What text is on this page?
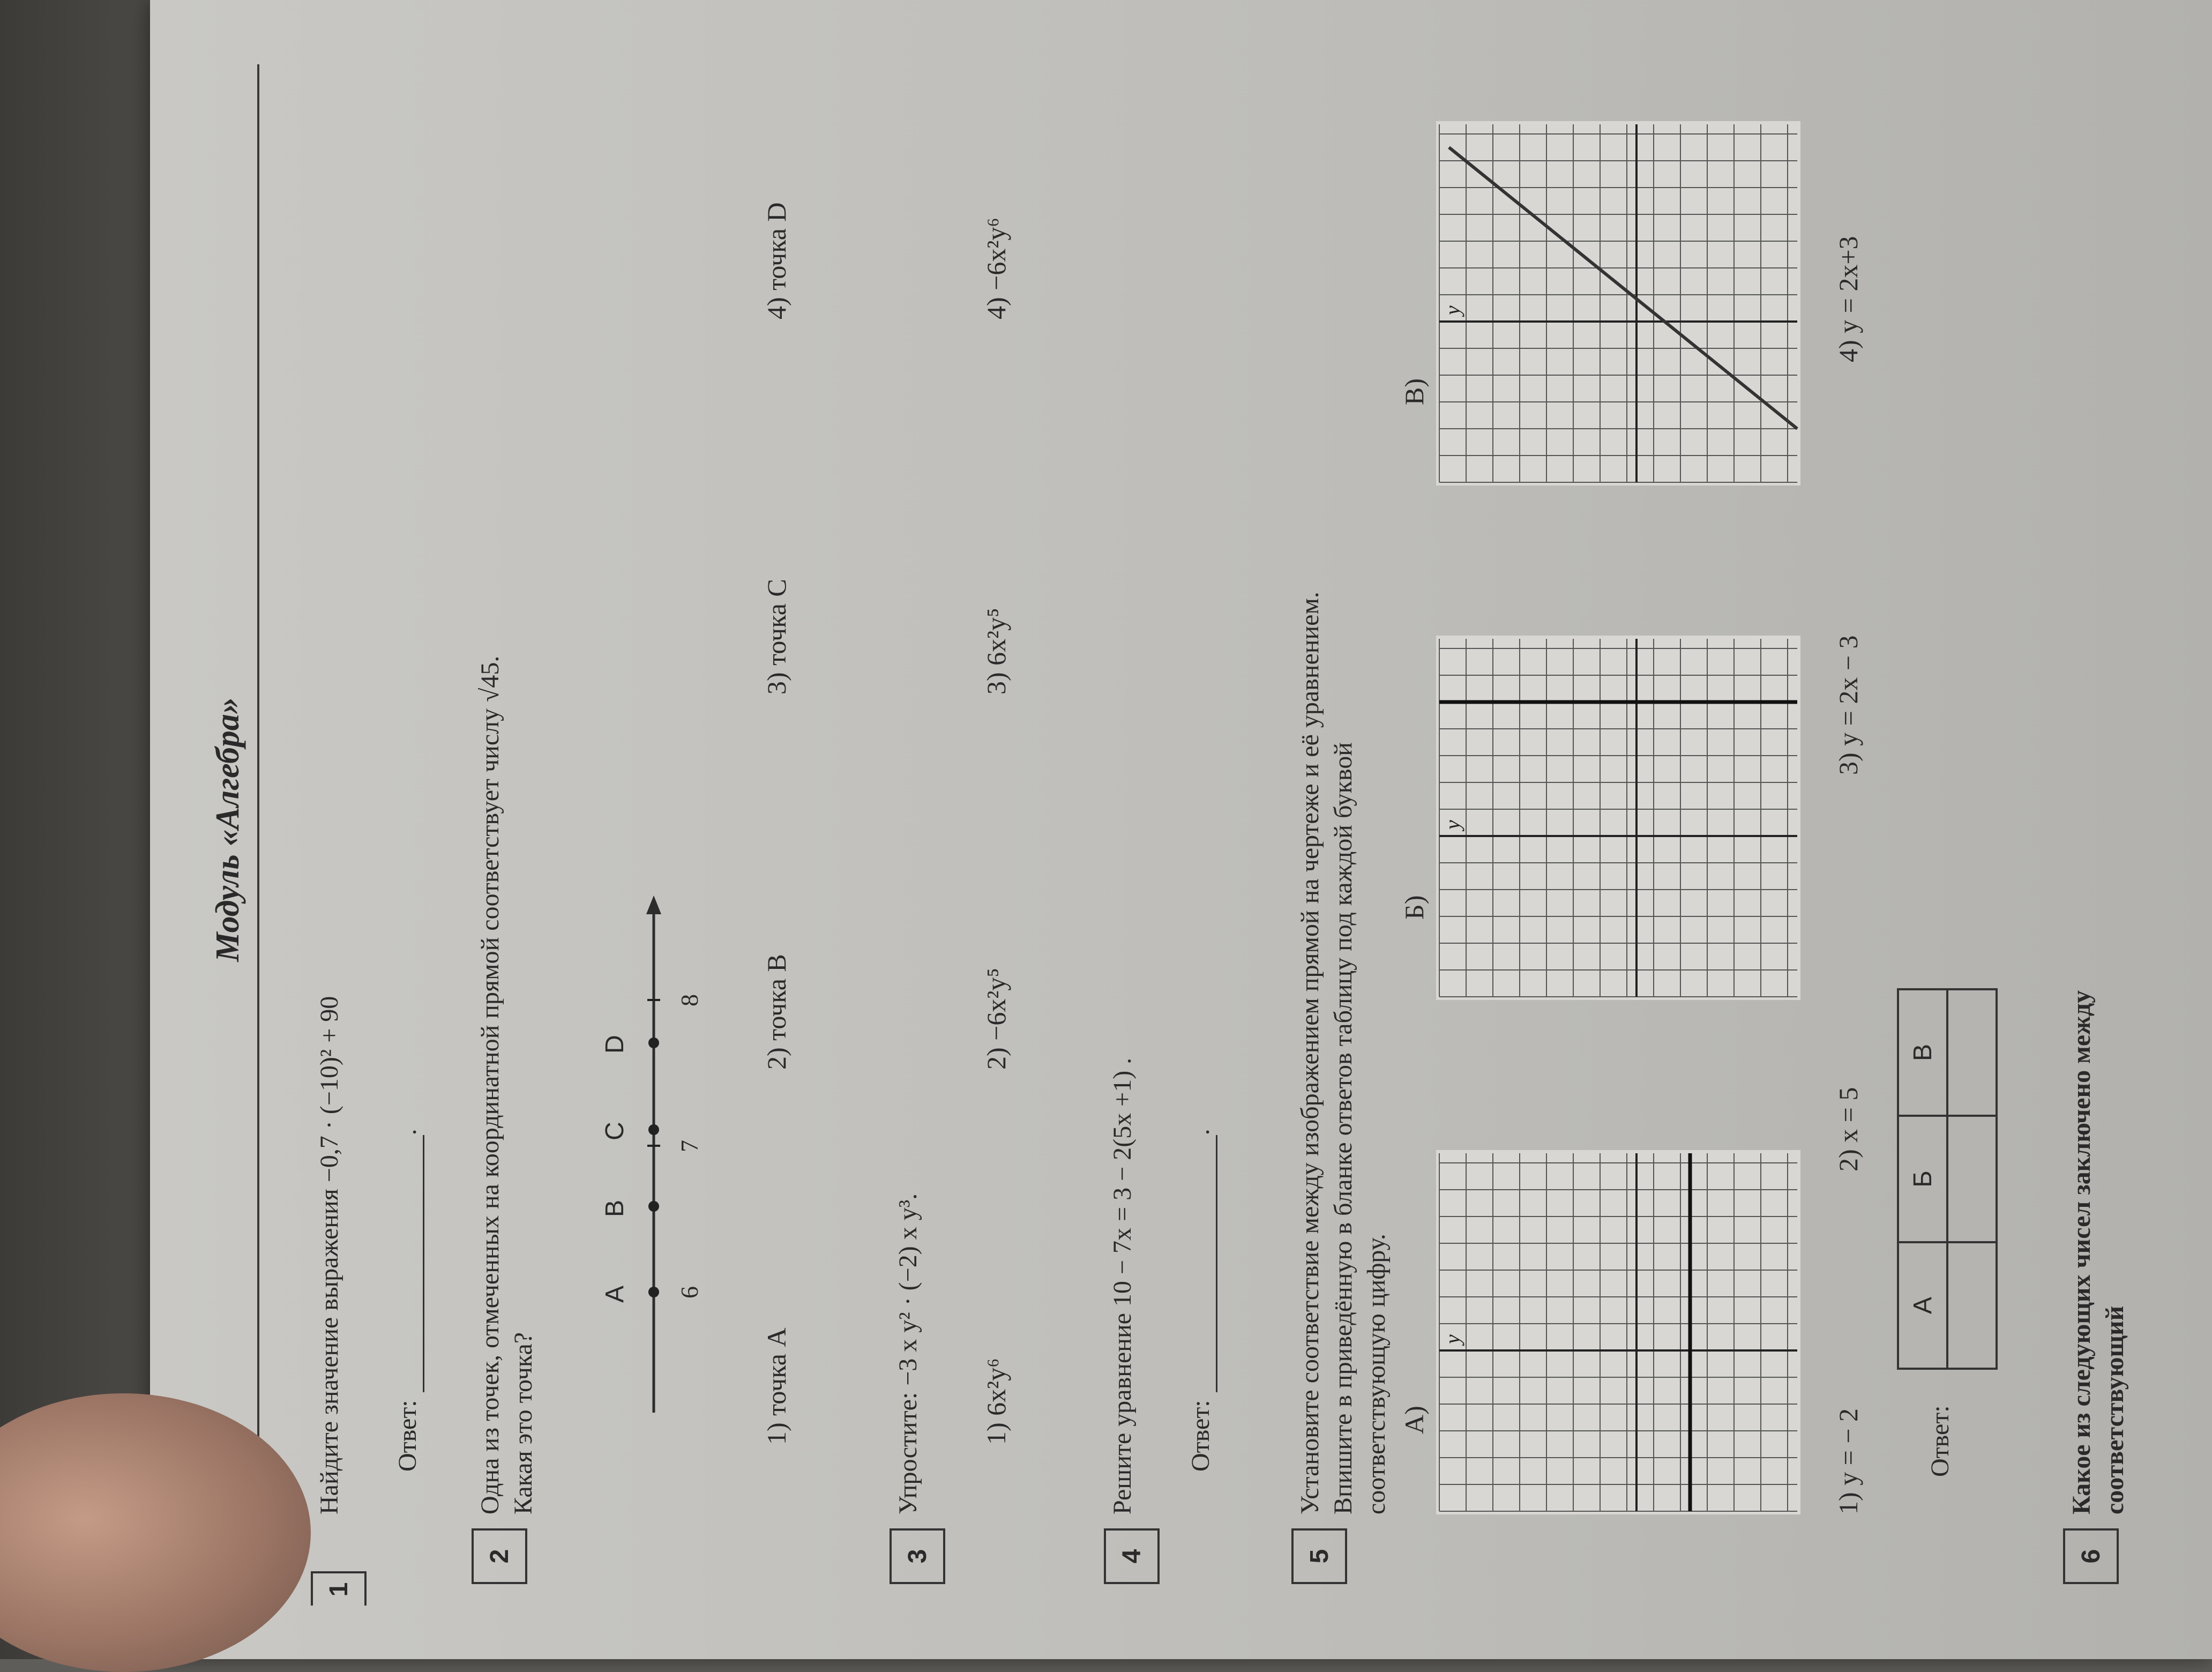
Модуль «Алгебра»
1
Найдите значение выражения −0,7 · (−10)² + 90 Ответ:.
2
Одна из точек, отмеченных на координатной прямой соответствует числу √45. Какая это точка?
A
B
C
D
6
7
8
1) точка A
2) точка B
3) точка C
4) точка D
3
Упростите: −3 x y² · (−2) x y³. 1) 6x²y⁶
2) −6x²y⁵
3) 6x²y⁵
4) −6x²y⁶
4
Решите уравнение 10 − 7x = 3 − 2(5x +1) . Ответ:.
5
Установите соответствие между изображением прямой на чертеже и её уравнением. Впишите в приведённую в бланке ответов таблицу под каждой буквой соответствующую цифру. А)
Б)
В)
y
y
y
1) y = − 2
2) x = 5
3) y = 2x − 3
4) y = 2x+3
Ответ:
А	Б	В

6
Какое из следующих чисел заключено между соответствующий
